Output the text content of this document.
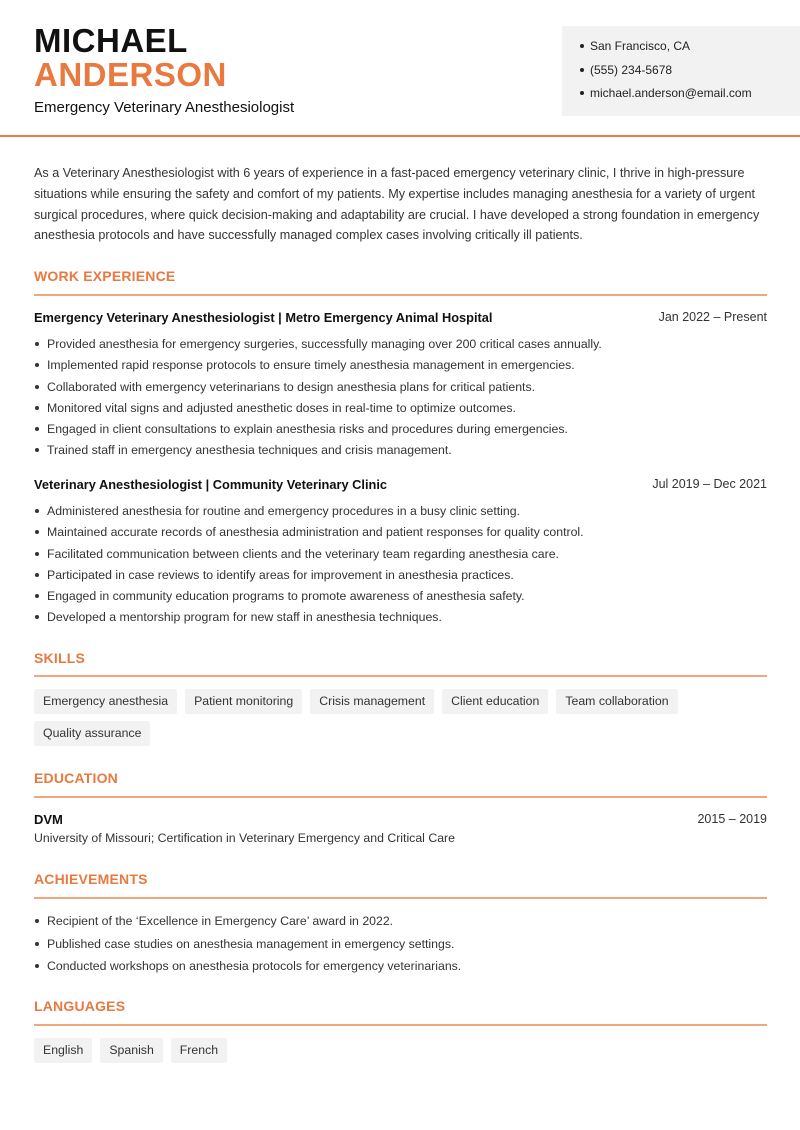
MICHAEL
ANDERSON
Emergency Veterinary Anesthesiologist
San Francisco, CA
(555) 234-5678
michael.anderson@email.com
As a Veterinary Anesthesiologist with 6 years of experience in a fast-paced emergency veterinary clinic, I thrive in high-pressure situations while ensuring the safety and comfort of my patients. My expertise includes managing anesthesia for a variety of urgent surgical procedures, where quick decision-making and adaptability are crucial. I have developed a strong foundation in emergency anesthesia protocols and have successfully managed complex cases involving critically ill patients.
WORK EXPERIENCE
Emergency Veterinary Anesthesiologist | Metro Emergency Animal Hospital	Jan 2022 – Present
Provided anesthesia for emergency surgeries, successfully managing over 200 critical cases annually.
Implemented rapid response protocols to ensure timely anesthesia management in emergencies.
Collaborated with emergency veterinarians to design anesthesia plans for critical patients.
Monitored vital signs and adjusted anesthetic doses in real-time to optimize outcomes.
Engaged in client consultations to explain anesthesia risks and procedures during emergencies.
Trained staff in emergency anesthesia techniques and crisis management.
Veterinary Anesthesiologist | Community Veterinary Clinic	Jul 2019 – Dec 2021
Administered anesthesia for routine and emergency procedures in a busy clinic setting.
Maintained accurate records of anesthesia administration and patient responses for quality control.
Facilitated communication between clients and the veterinary team regarding anesthesia care.
Participated in case reviews to identify areas for improvement in anesthesia practices.
Engaged in community education programs to promote awareness of anesthesia safety.
Developed a mentorship program for new staff in anesthesia techniques.
SKILLS
Emergency anesthesia	Patient monitoring	Crisis management	Client education	Team collaboration
Quality assurance
EDUCATION
DVM	2015 – 2019
University of Missouri; Certification in Veterinary Emergency and Critical Care
ACHIEVEMENTS
Recipient of the ‘Excellence in Emergency Care’ award in 2022.
Published case studies on anesthesia management in emergency settings.
Conducted workshops on anesthesia protocols for emergency veterinarians.
LANGUAGES
English	Spanish	French
